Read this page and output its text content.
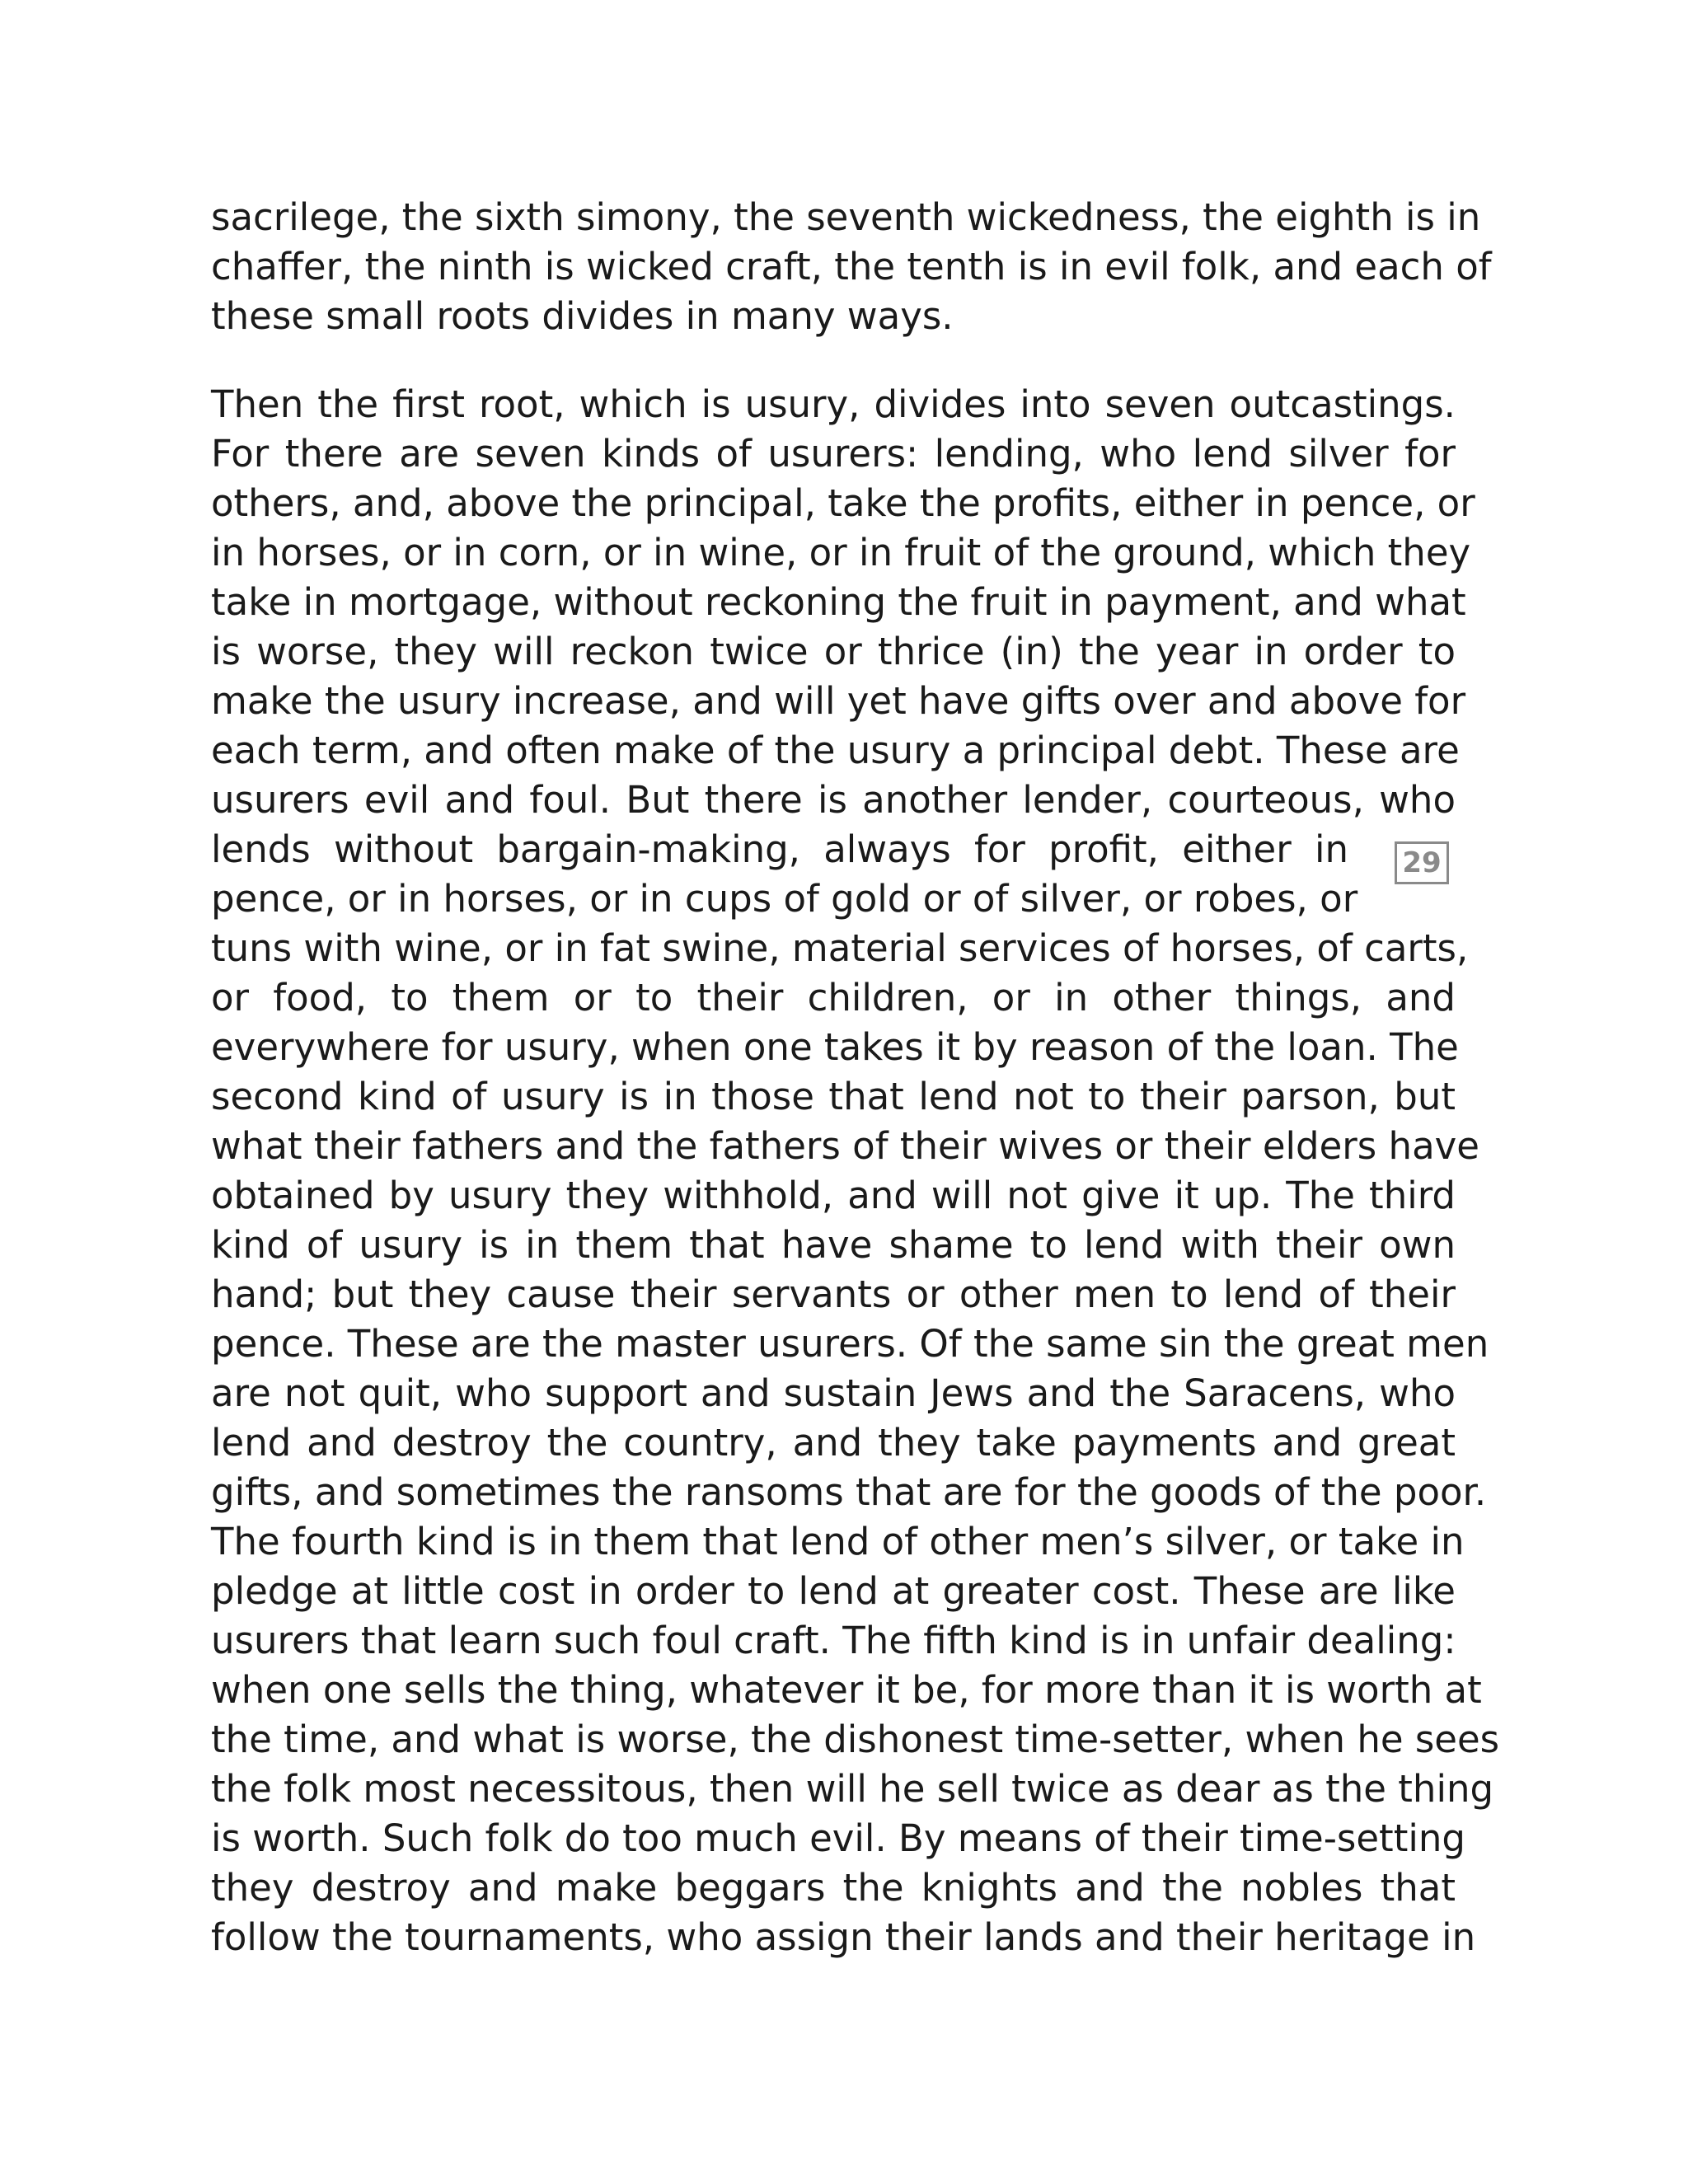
sacrilege, the sixth simony, the seventh wickedness, the eighth is in
chaffer, the ninth is wicked craft, the tenth is in evil folk, and each of
these small roots divides in many ways.
Then the first root, which is usury, divides into seven outcastings.
For there are seven kinds of usurers: lending, who lend silver for
others, and, above the principal, take the profits, either in pence, or
in horses, or in corn, or in wine, or in fruit of the ground, which they
take in mortgage, without reckoning the fruit in payment, and what
is worse, they will reckon twice or thrice (in) the year in order to
make the usury increase, and will yet have gifts over and above for
each term, and often make of the usury a principal debt. These are
usurers evil and foul. But there is another lender, courteous, who
lends without bargain-making, always for profit, either in
pence, or in horses, or in cups of gold or of silver, or robes, or
tuns with wine, or in fat swine, material services of horses, of carts,
or food, to them or to their children, or in other things, and
everywhere for usury, when one takes it by reason of the loan. The
second kind of usury is in those that lend not to their parson, but
what their fathers and the fathers of their wives or their elders have
obtained by usury they withhold, and will not give it up. The third
kind of usury is in them that have shame to lend with their own
hand; but they cause their servants or other men to lend of their
pence. These are the master usurers. Of the same sin the great men
are not quit, who support and sustain Jews and the Saracens, who
lend and destroy the country, and they take payments and great
gifts, and sometimes the ransoms that are for the goods of the poor.
The fourth kind is in them that lend of other men’s silver, or take in
pledge at little cost in order to lend at greater cost. These are like
usurers that learn such foul craft. The fifth kind is in unfair dealing:
when one sells the thing, whatever it be, for more than it is worth at
the time, and what is worse, the dishonest time-setter, when he sees
the folk most necessitous, then will he sell twice as dear as the thing
is worth. Such folk do too much evil. By means of their time-setting
they destroy and make beggars the knights and the nobles that
follow the tournaments, who assign their lands and their heritage in
29
